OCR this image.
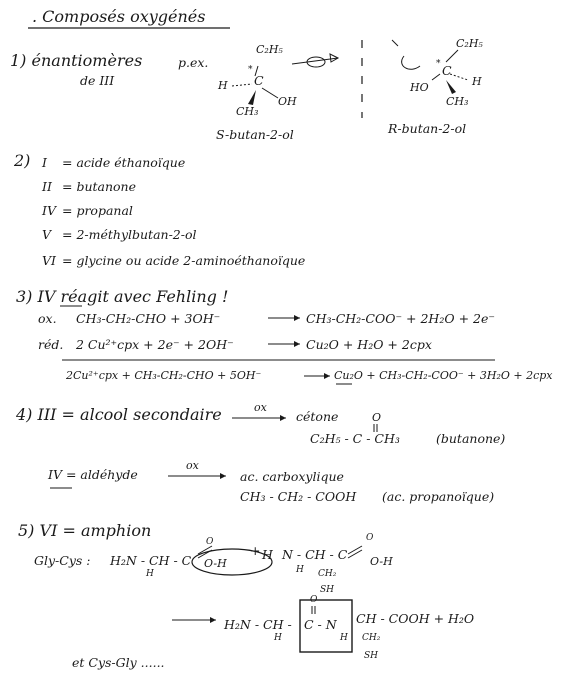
. Composés oxygénés
1) énantiomères
de III
p.ex.
C₂H₅
*
C
H
OH
CH₃
S-butan-2-ol
C₂H₅
* C
H
HO
CH₃
R-butan-2-ol
2) I = acide éthanoïque
II = butanone
IV = propanal
V = 2-méthylbutan-2-ol
VI = glycine ou acide 2-aminoéthanoïque
3) IV réagit avec Fehling !
ox. CH₃-CH₂-CHO + 3OH⁻	CH₃-CH₂-COO⁻ + 2H₂O + 2e⁻
réd. 2 Cu²⁺cpx + 2e⁻ + 2OH⁻	Cu₂O + H₂O + 2cpx
2Cu²⁺cpx + CH₃-CH₂-CHO + 5OH⁻	Cu₂O + CH₃-CH₂-COO⁻ + 3H₂O + 2cpx
4) III = alcool secondaire	ox
cétone	O
C₂H₅ - C - CH₃	(butanone)
IV = aldéhyde
ox
ac. carboxylique
CH₃ - CH₂ - COOH (ac. propanoïque)
5) VI = amphion
Gly-Cys : H₂N - CH - C
O
O-H
H
+ H N - CH - C
O
O-H
H CH₂
SH
H₂N - CH -
O
C - N CH - COOH + H₂O
H	H CH₂
SH
et Cys-Gly ......
